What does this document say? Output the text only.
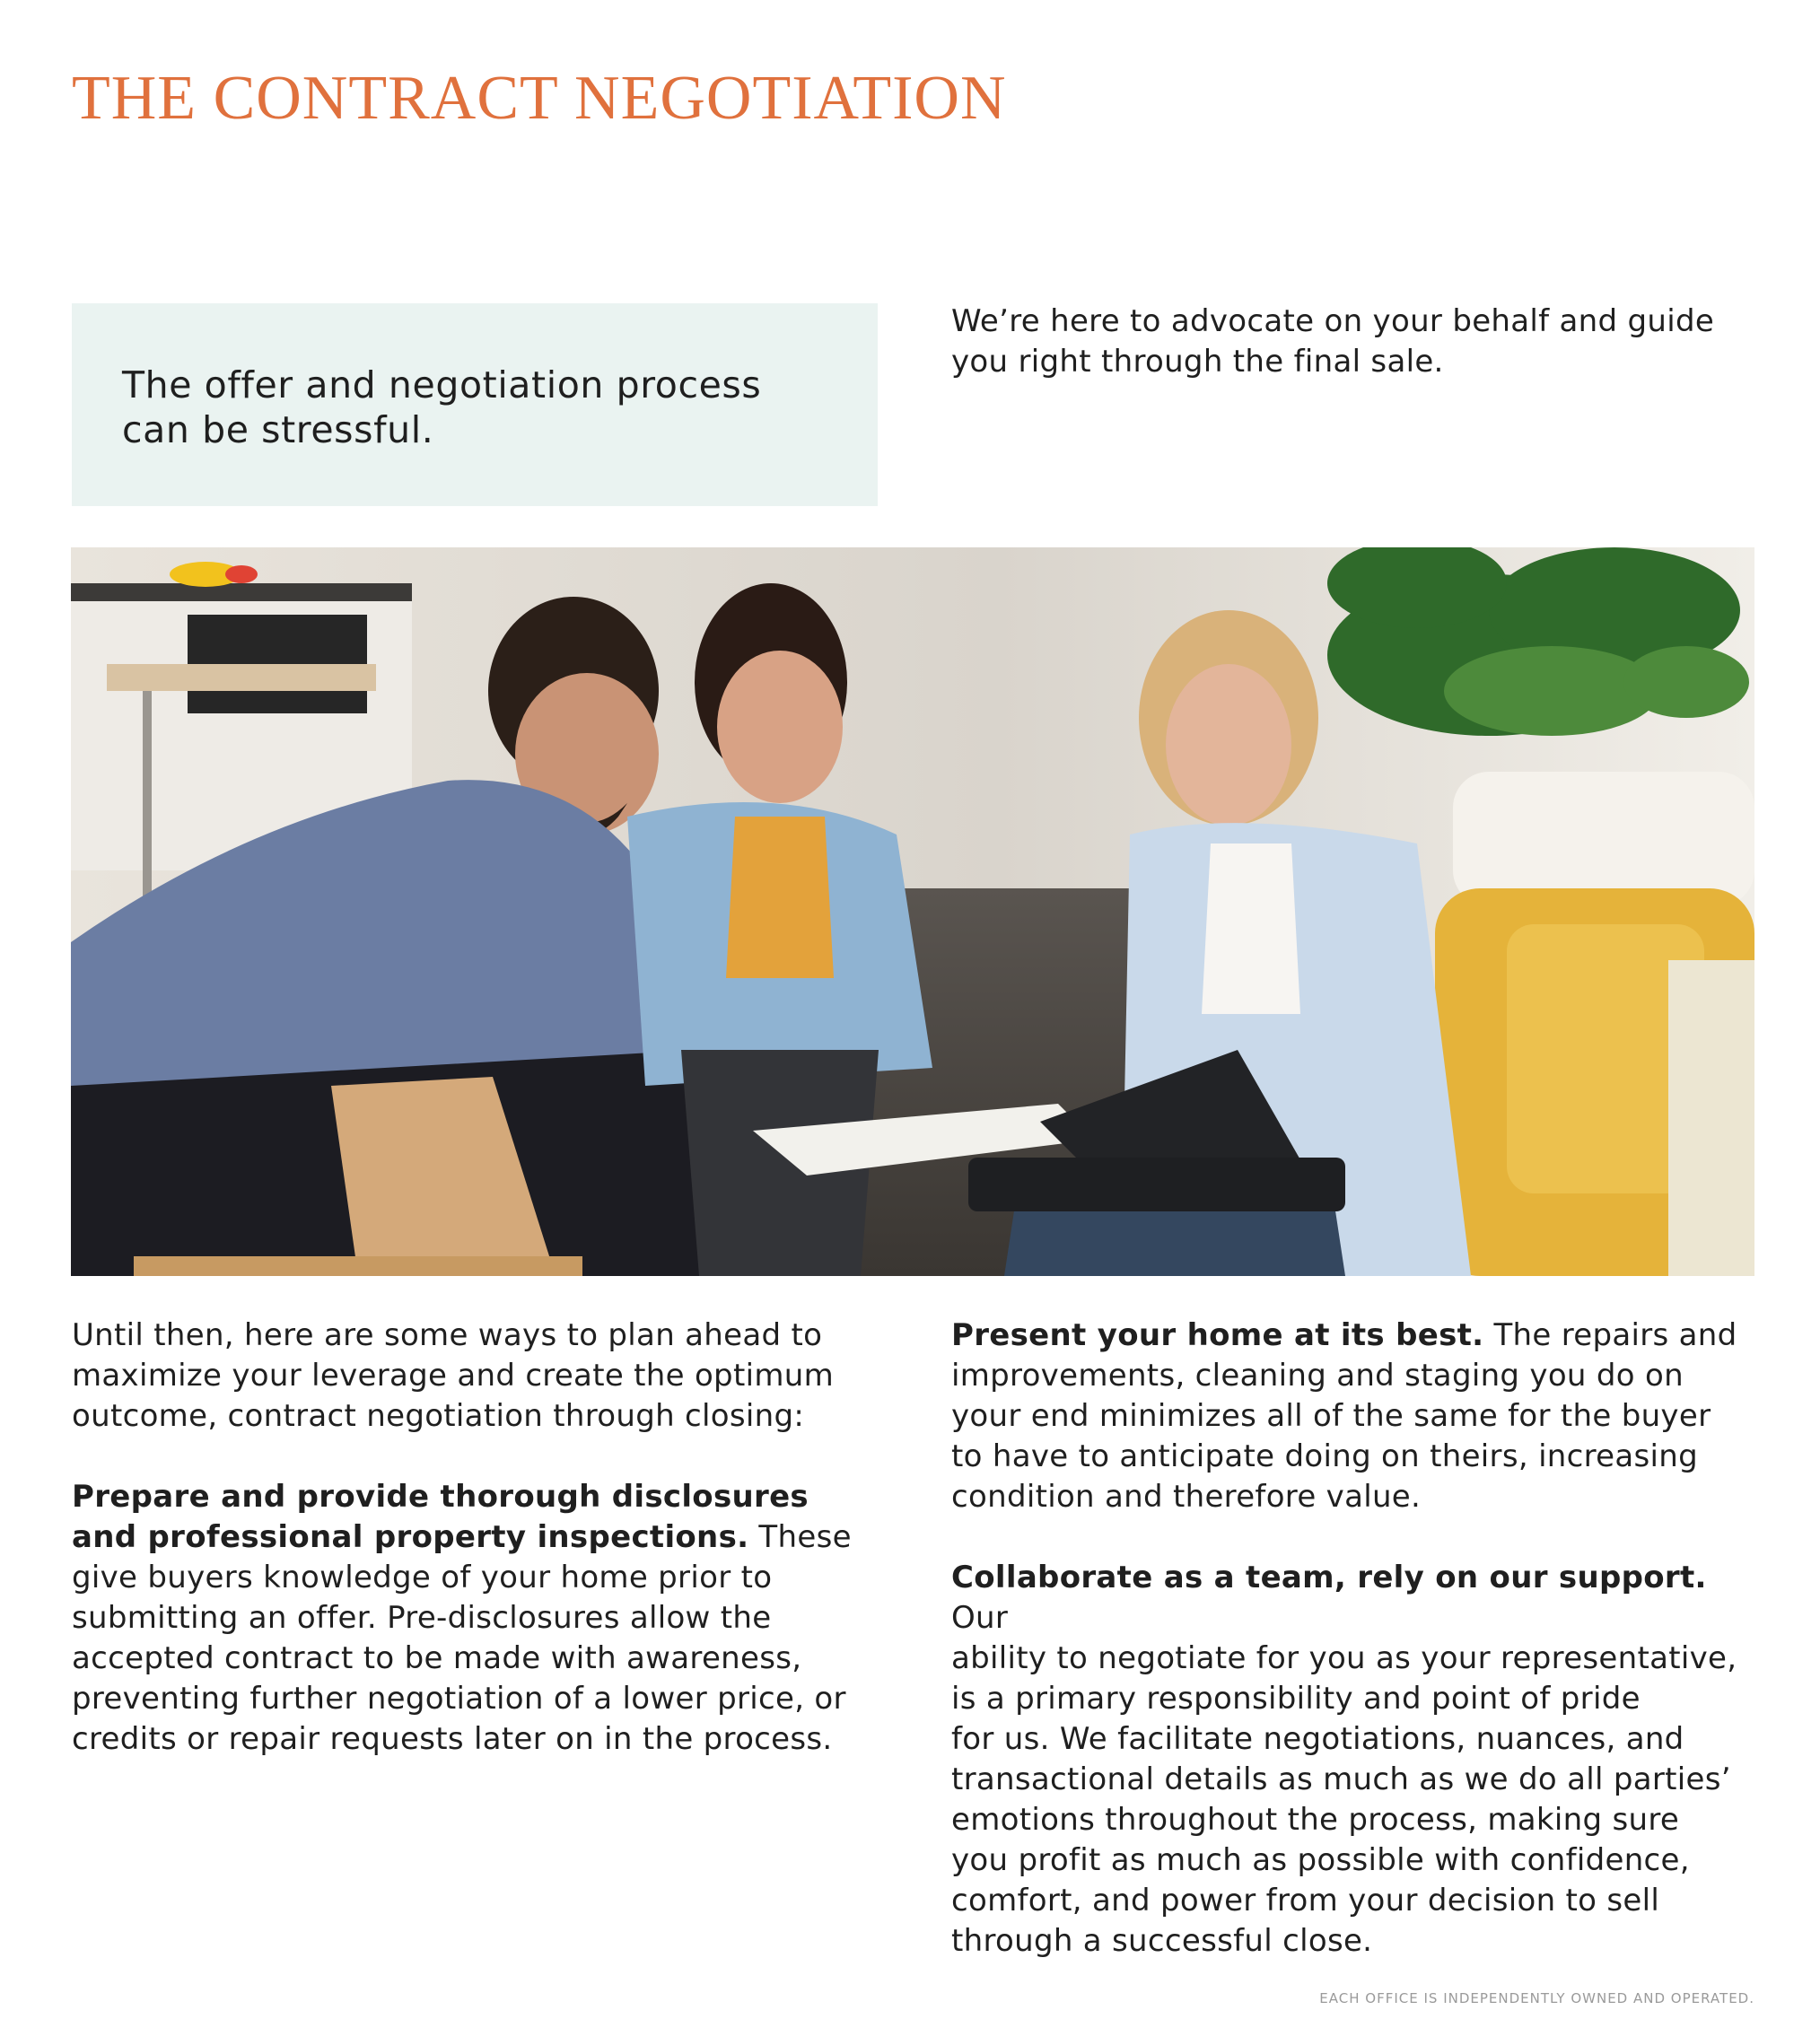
THE CONTRACT NEGOTIATION
The offer and negotiation process
can be stressful.
We’re here to advocate on your behalf and guide
you right through the final sale.

Until then, here are some ways to plan ahead to
maximize your leverage and create the optimum
outcome, contract negotiation through closing:

Prepare and provide thorough disclosures
and professional property inspections. These
give buyers knowledge of your home prior to
submitting an offer. Pre-disclosures allow the
accepted contract to be made with awareness,
preventing further negotiation of a lower price, or
credits or repair requests later on in the process.

Present your home at its best. The repairs and
improvements, cleaning and staging you do on
your end minimizes all of the same for the buyer
to have to anticipate doing on theirs, increasing
condition and therefore value.

Collaborate as a team, rely on our support. Our
ability to negotiate for you as your representative,
is a primary responsibility and point of pride
for us. We facilitate negotiations, nuances, and
transactional details as much as we do all parties’
emotions throughout the process, making sure
you profit as much as possible with confidence,
comfort, and power from your decision to sell
through a successful close.

EACH OFFICE IS INDEPENDENTLY OWNED AND OPERATED.
